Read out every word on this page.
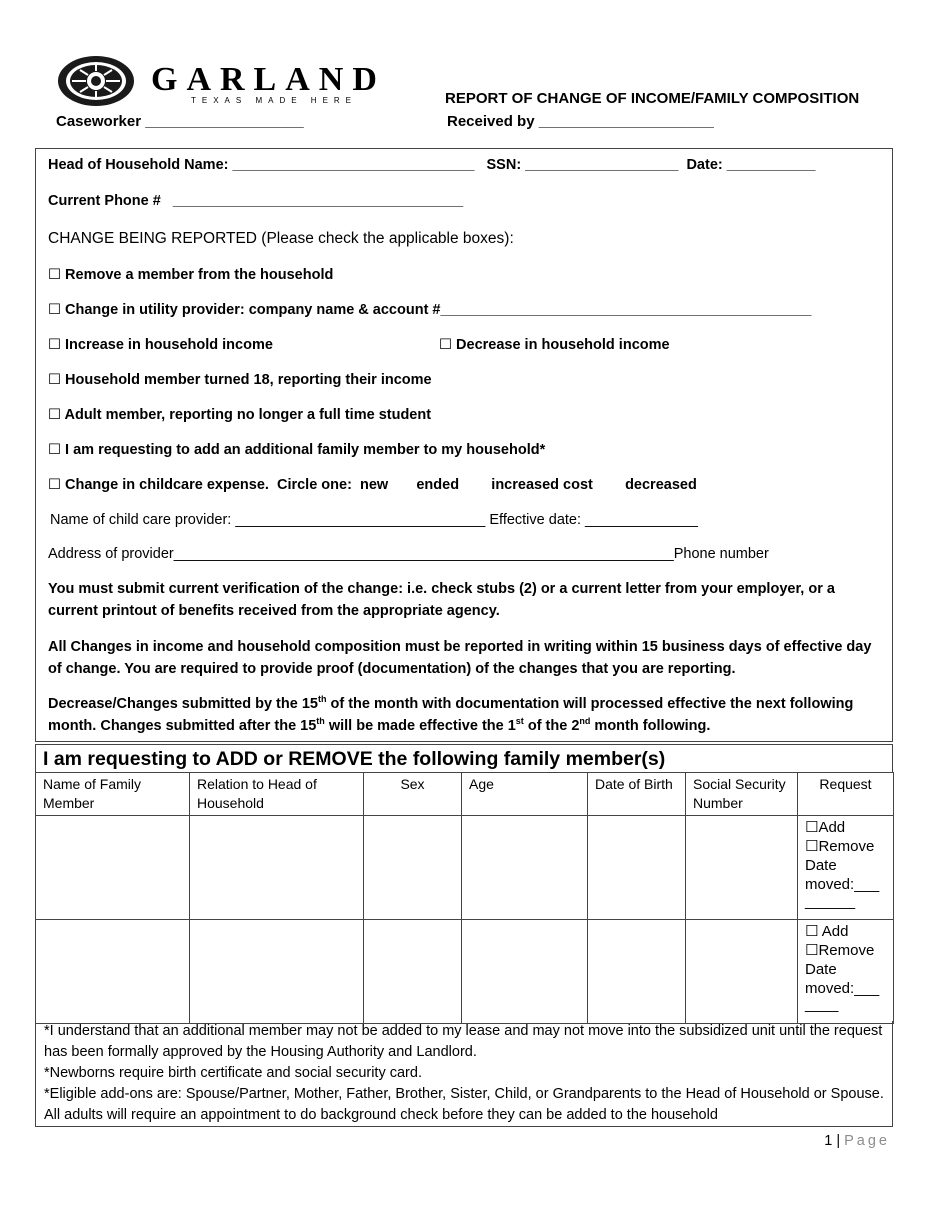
GARLAND
TEXAS MADE HERE
Caseworker ___________________
REPORT OF CHANGE OF INCOME/FAMILY COMPOSITION
Received by _____________________
Head of Household Name: ______________________________   SSN: ___________________  Date: ___________
Current Phone #   ____________________________________
CHANGE BEING REPORTED (Please check the applicable boxes):
☐ Remove a member from the household
☐ Change in utility provider: company name & account #______________________________________________
☐ Increase in household income	☐ Decrease in household income
☐ Household member turned 18, reporting their income
☐ Adult member, reporting no longer a full time student
☐ I am requesting to add an additional family member to my household*
☐ Change in childcare expense.  Circle one:  new       ended        increased cost        decreased
Name of child care provider: _______________________________ Effective date: ______________
Address of provider______________________________________________________________Phone number
You must submit current verification of the change: i.e. check stubs (2) or a current letter from your employer, or a current printout of benefits received from the appropriate agency.
All Changes in income and household composition must be reported in writing within 15 business days of effective day of change. You are required to provide proof (documentation) of the changes that you are reporting.
Decrease/Changes submitted by the 15th of the month with documentation will processed effective the next following month. Changes submitted after the 15th will be made effective the 1st of the 2nd month following.
I am requesting to ADD or REMOVE the following family member(s)
Name of Family Member	Relation to Head of Household	Sex	Age	Date of Birth	Social Security Number	Request

						☐Add
☐Remove
Date
moved:___
______

						☐ Add
☐Remove
Date
moved:___
____
*I understand that an additional member may not be added to my lease and may not move into the subsidized unit until the request has been formally approved by the Housing Authority and Landlord.
*Newborns require birth certificate and social security card.
*Eligible add-ons are: Spouse/Partner, Mother, Father, Brother, Sister, Child, or Grandparents to the Head of Household or Spouse. All adults will require an appointment to do background check before they can be added to the household
1 | Page
